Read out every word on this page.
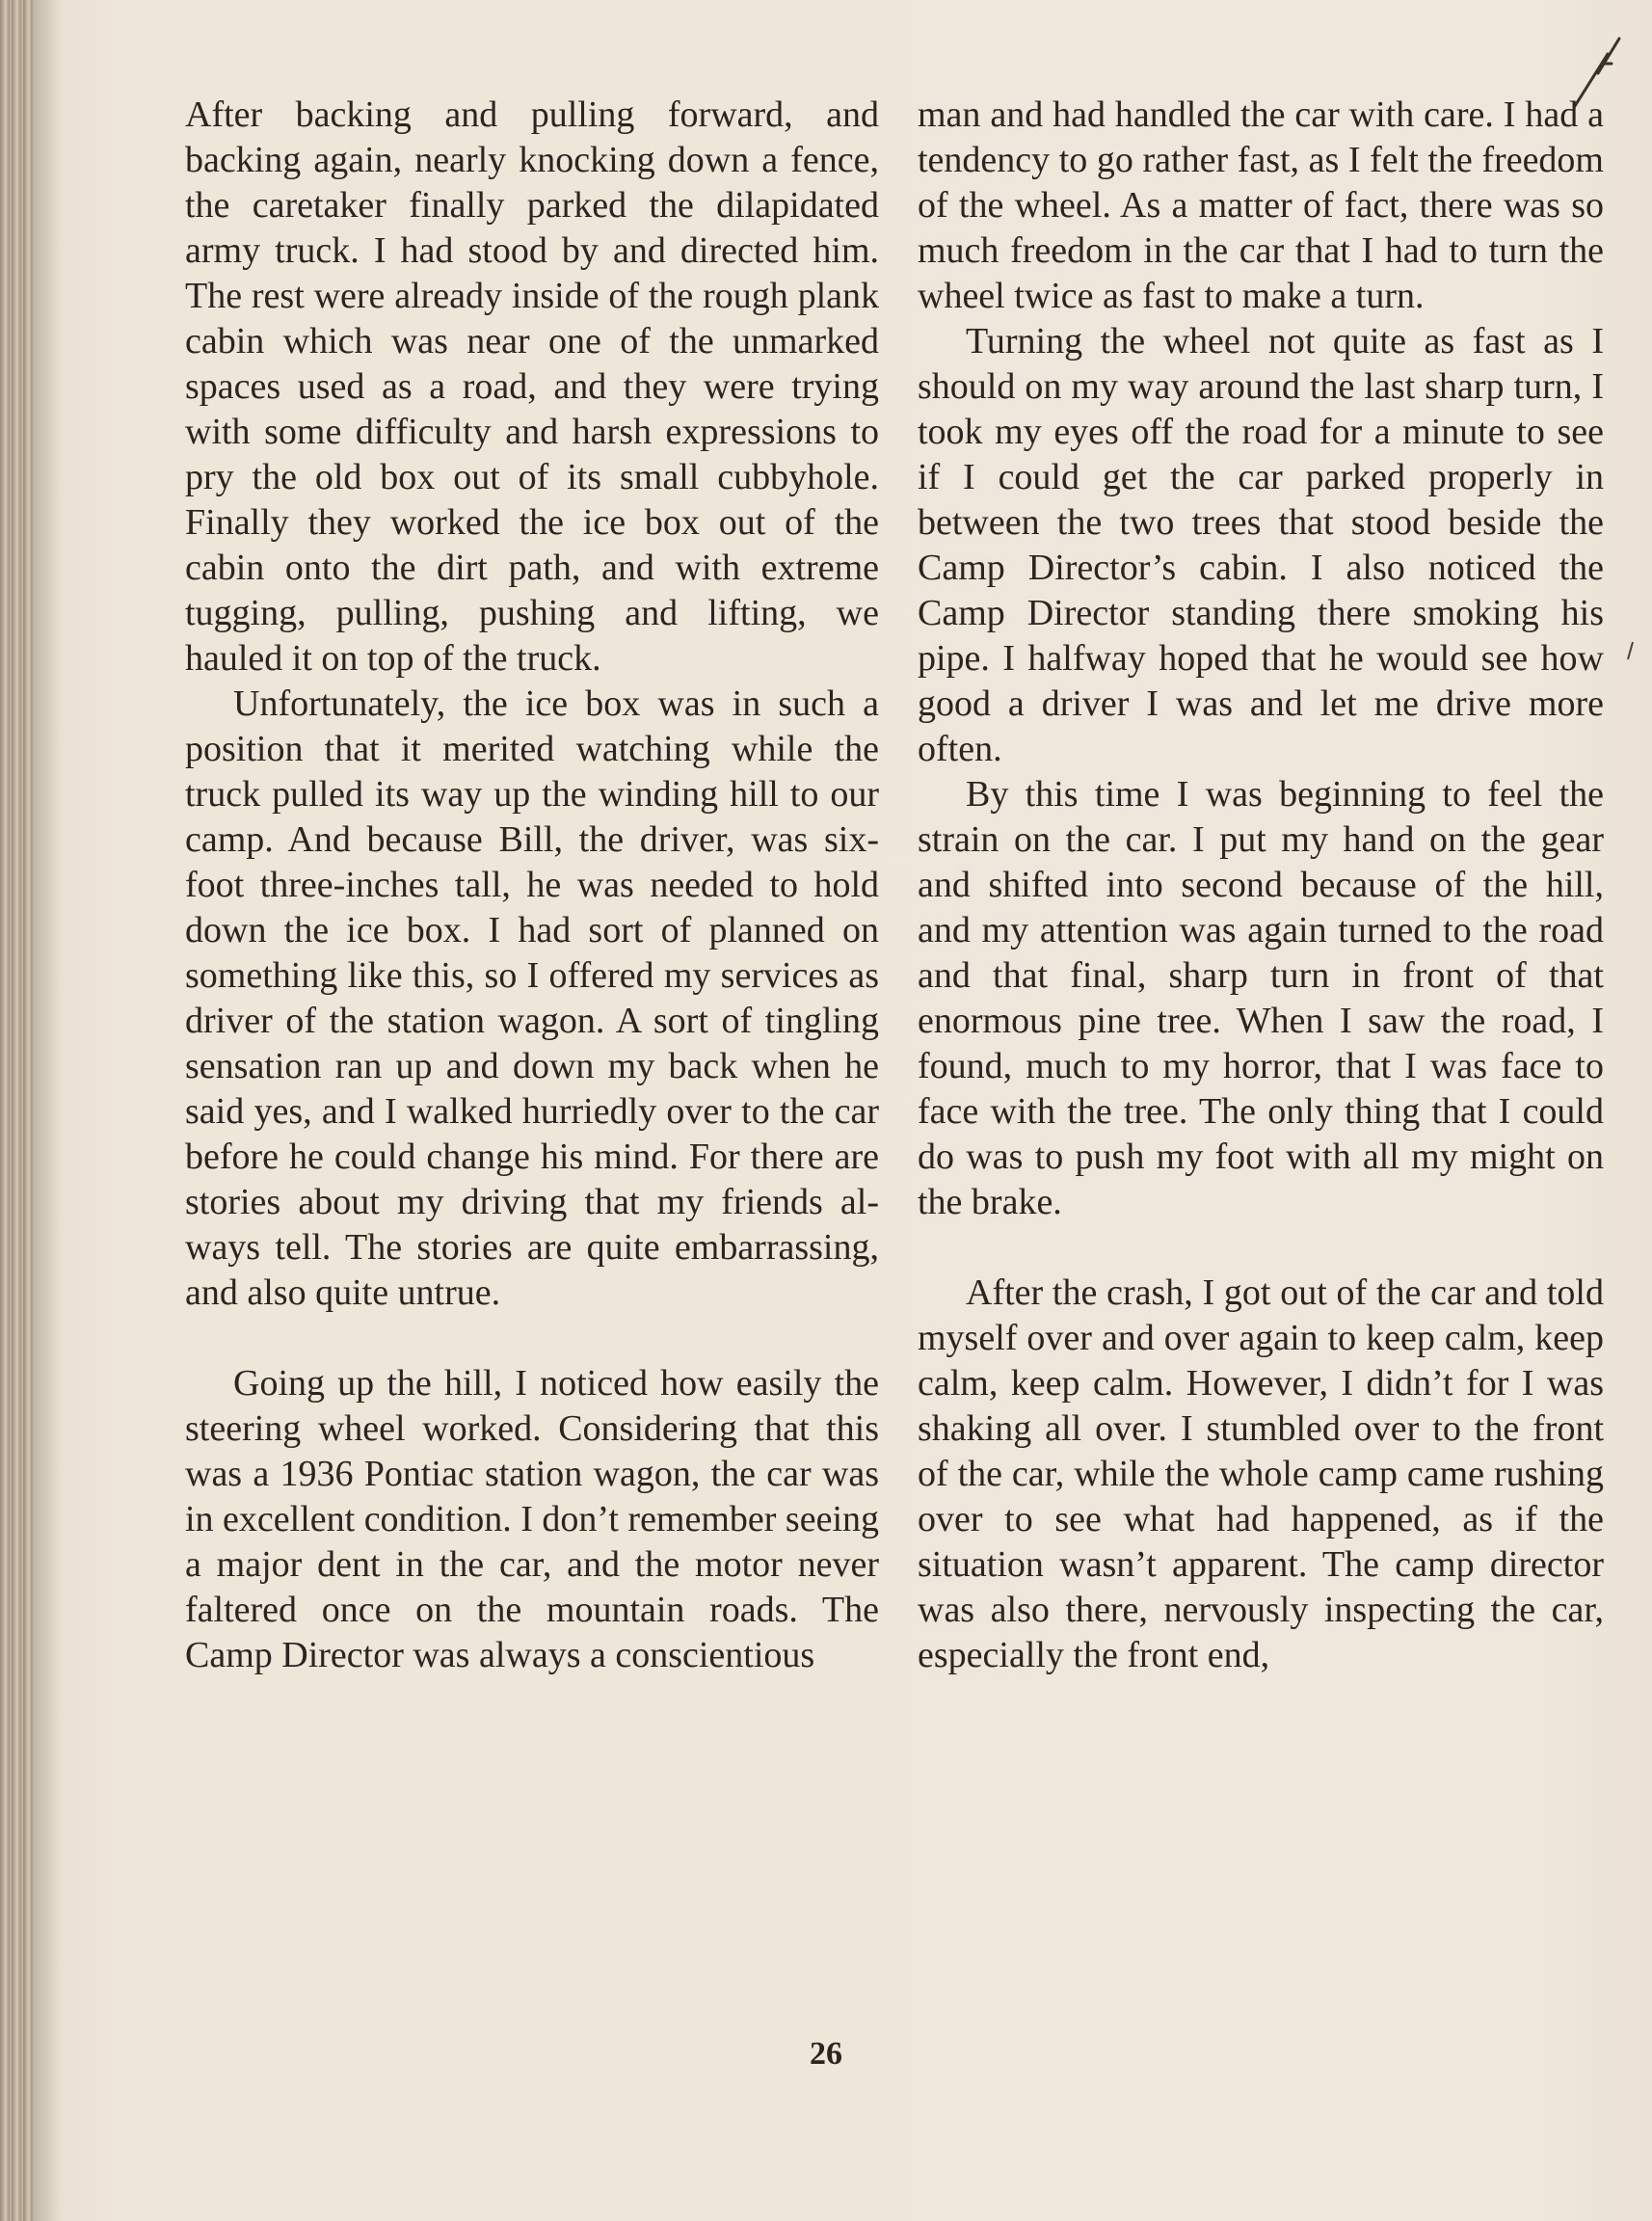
After backing and pulling forward, and backing again, nearly knocking down a fence, the caretaker finally parked the dilapidated army truck. I had stood by and directed him. The rest were already inside of the rough plank cabin which was near one of the unmarked spaces used as a road, and they were trying with some difficulty and harsh expressions to pry the old box out of its small cubbyhole. Finally they worked the ice box out of the cabin onto the dirt path, and with extreme tugging, pulling, pushing and lifting, we hauled it on top of the truck.

Unfortunately, the ice box was in such a position that it merited watching while the truck pulled its way up the winding hill to our camp. And because Bill, the driver, was six-foot three-inches tall, he was needed to hold down the ice box. I had sort of planned on something like this, so I offered my services as driver of the station wagon. A sort of tingling sensation ran up and down my back when he said yes, and I walked hurriedly over to the car before he could change his mind. For there are stories about my driving that my friends always tell. The stories are quite embarrassing, and also quite untrue.

Going up the hill, I noticed how easily the steering wheel worked. Considering that this was a 1936 Pontiac station wagon, the car was in excellent condition. I don’t remember seeing a major dent in the car, and the motor never faltered once on the mountain roads. The Camp Director was always a conscientious

man and had handled the car with care. I had a tendency to go rather fast, as I felt the freedom of the wheel. As a matter of fact, there was so much freedom in the car that I had to turn the wheel twice as fast to make a turn.

Turning the wheel not quite as fast as I should on my way around the last sharp turn, I took my eyes off the road for a minute to see if I could get the car parked properly in between the two trees that stood beside the Camp Director’s cabin. I also noticed the Camp Director standing there smoking his pipe. I halfway hoped that he would see how good a driver I was and let me drive more often.

By this time I was beginning to feel the strain on the car. I put my hand on the gear and shifted into second because of the hill, and my attention was again turned to the road and that final, sharp turn in front of that enormous pine tree. When I saw the road, I found, much to my horror, that I was face to face with the tree. The only thing that I could do was to push my foot with all my might on the brake.

After the crash, I got out of the car and told myself over and over again to keep calm, keep calm, keep calm. However, I didn’t for I was shaking all over. I stumbled over to the front of the car, while the whole camp came rushing over to see what had happened, as if the situation wasn’t apparent. The camp director was also there, nervously inspecting the car, especially the front end,

26
